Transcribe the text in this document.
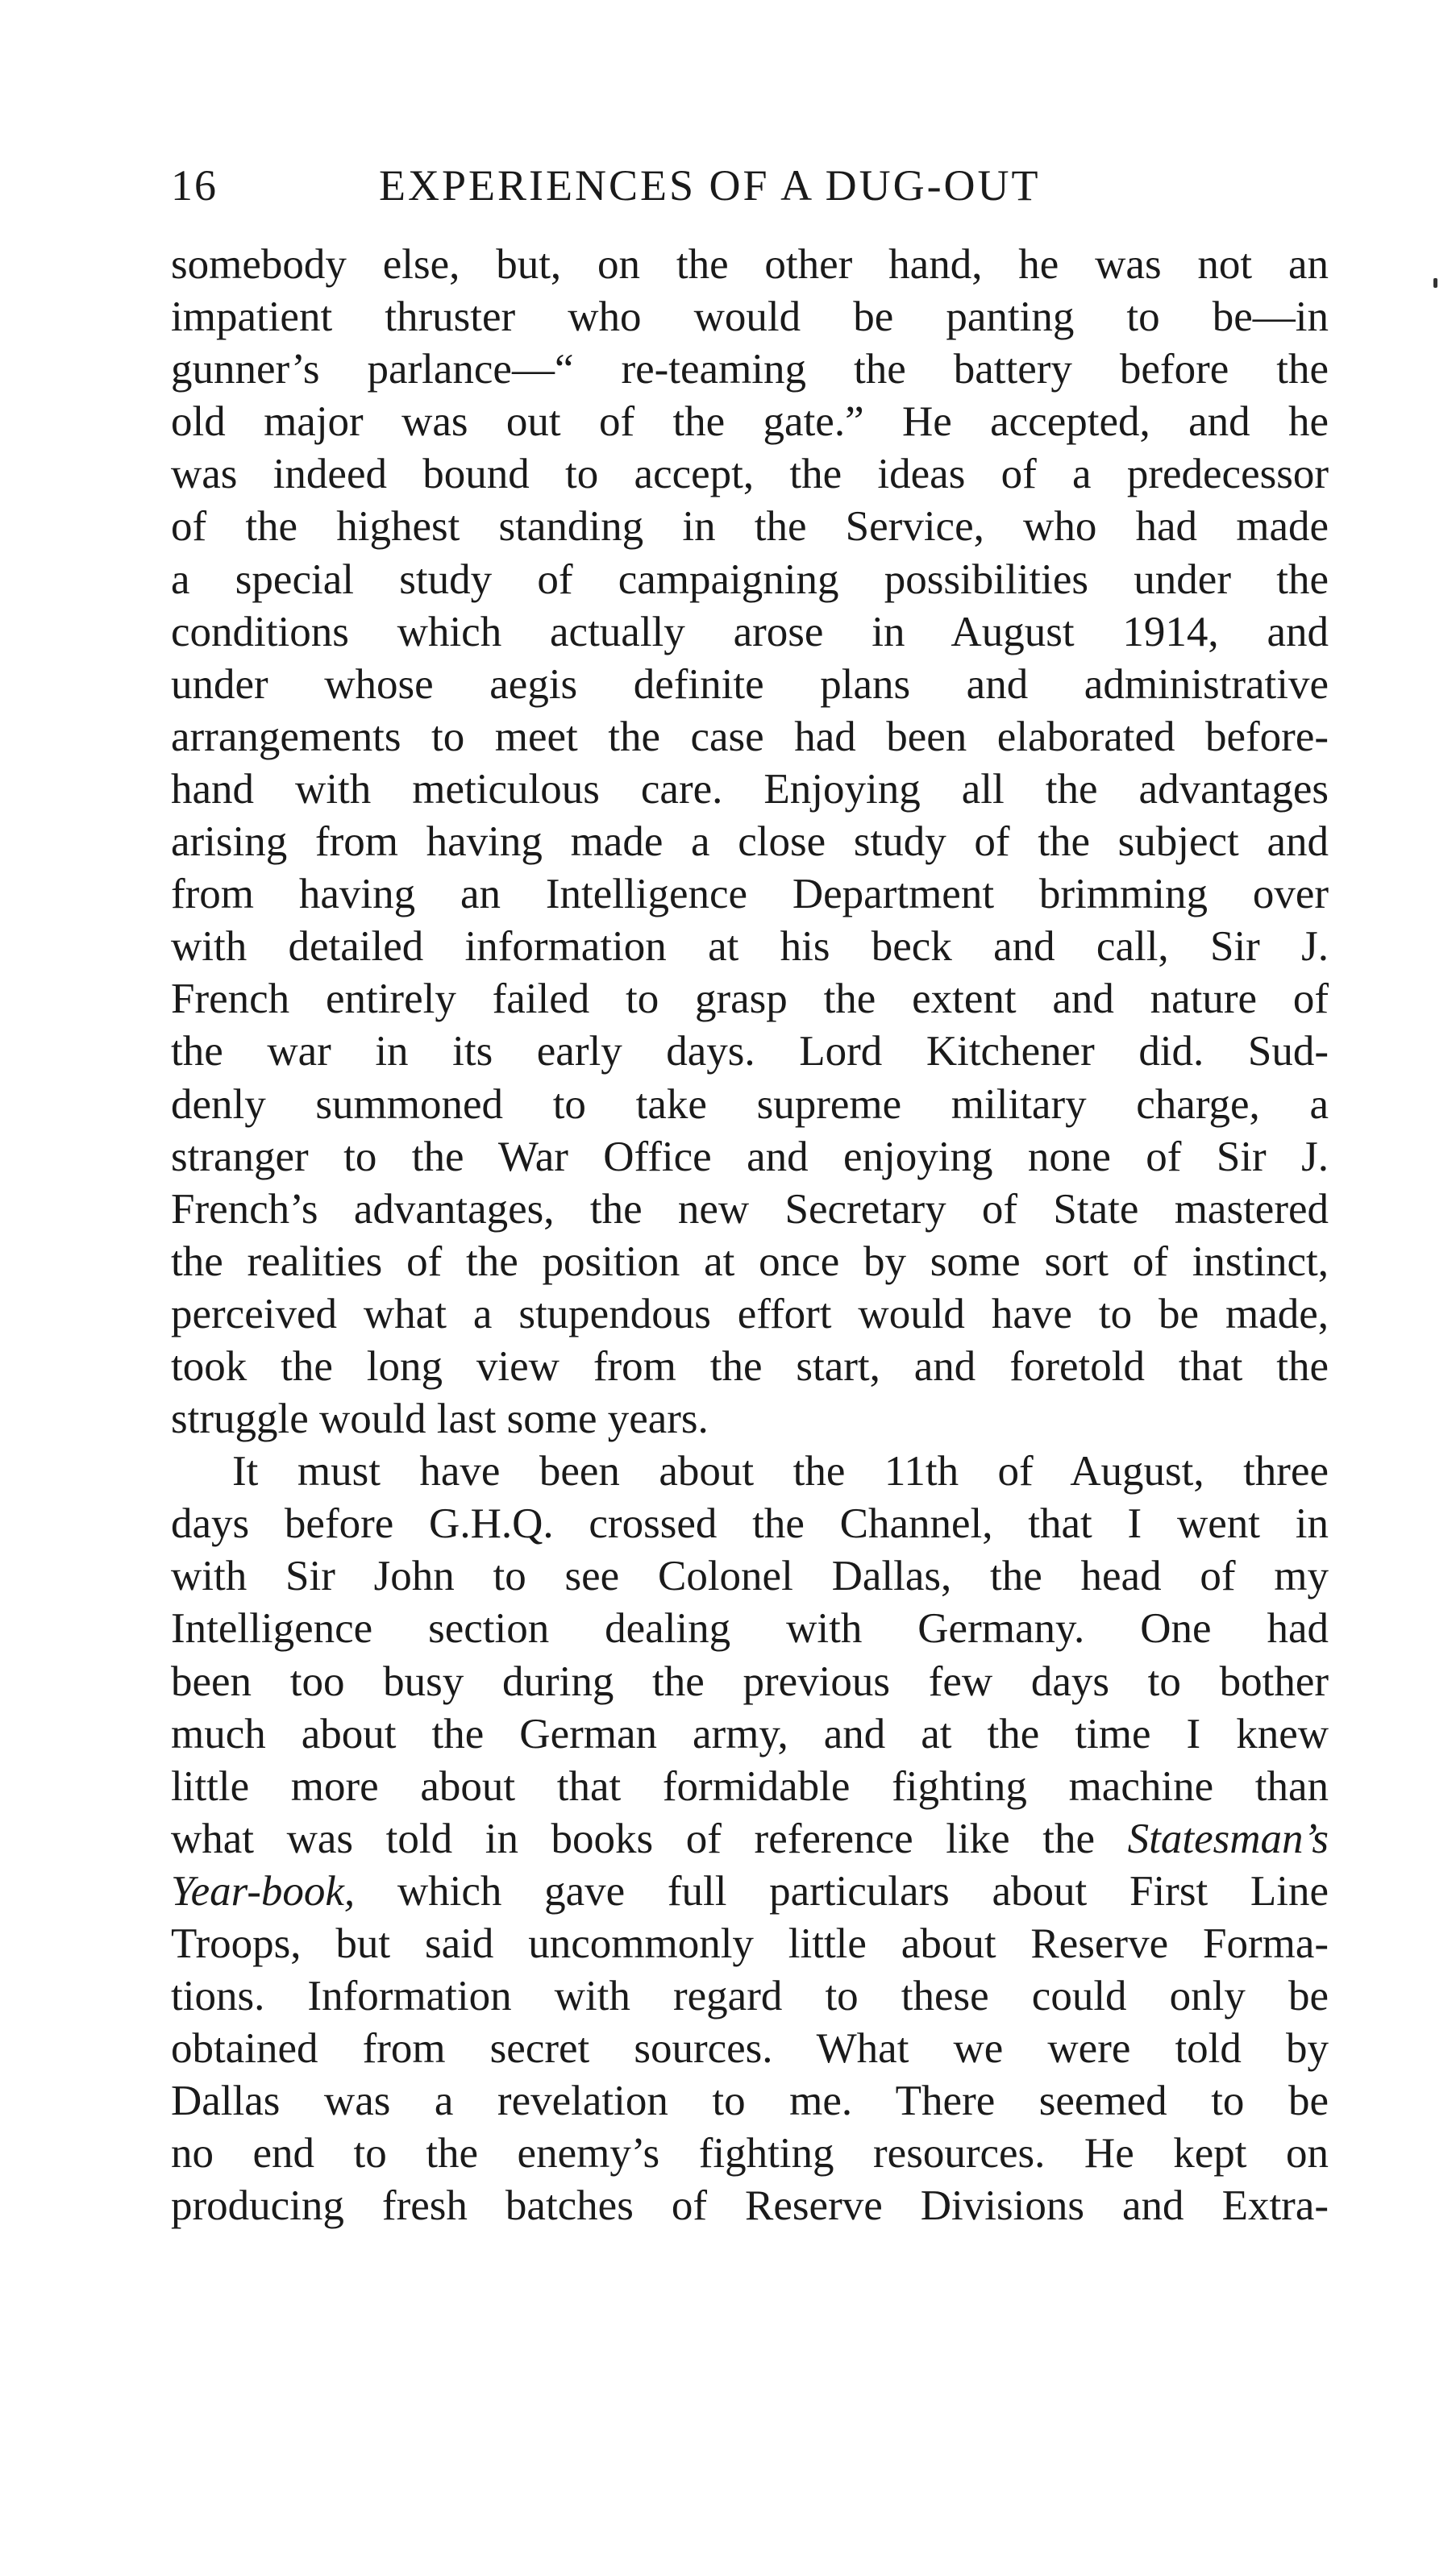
16	EXPERIENCES OF A DUG-OUT
somebody else, but, on the other hand, he was not an
impatient thruster who would be panting to be—in
gunner’s parlance—“ re-teaming the battery before the
old major was out of the gate.” He accepted, and he
was indeed bound to accept, the ideas of a predecessor
of the highest standing in the Service, who had made
a special study of campaigning possibilities under the
conditions which actually arose in August 1914, and
under whose aegis definite plans and administrative
arrangements to meet the case had been elaborated before-
hand with meticulous care. Enjoying all the advantages
arising from having made a close study of the subject and
from having an Intelligence Department brimming over
with detailed information at his beck and call, Sir J.
French entirely failed to grasp the extent and nature of
the war in its early days. Lord Kitchener did. Sud-
denly summoned to take supreme military charge, a
stranger to the War Office and enjoying none of Sir J.
French’s advantages, the new Secretary of State mastered
the realities of the position at once by some sort of instinct,
perceived what a stupendous effort would have to be made,
took the long view from the start, and foretold that the
struggle would last some years.
It must have been about the 11th of August, three
days before G.H.Q. crossed the Channel, that I went in
with Sir John to see Colonel Dallas, the head of my
Intelligence section dealing with Germany. One had
been too busy during the previous few days to bother
much about the German army, and at the time I knew
little more about that formidable fighting machine than
what was told in books of reference like the Statesman’s
Year-book, which gave full particulars about First Line
Troops, but said uncommonly little about Reserve Forma-
tions. Information with regard to these could only be
obtained from secret sources. What we were told by
Dallas was a revelation to me. There seemed to be
no end to the enemy’s fighting resources. He kept on
producing fresh batches of Reserve Divisions and Extra-
